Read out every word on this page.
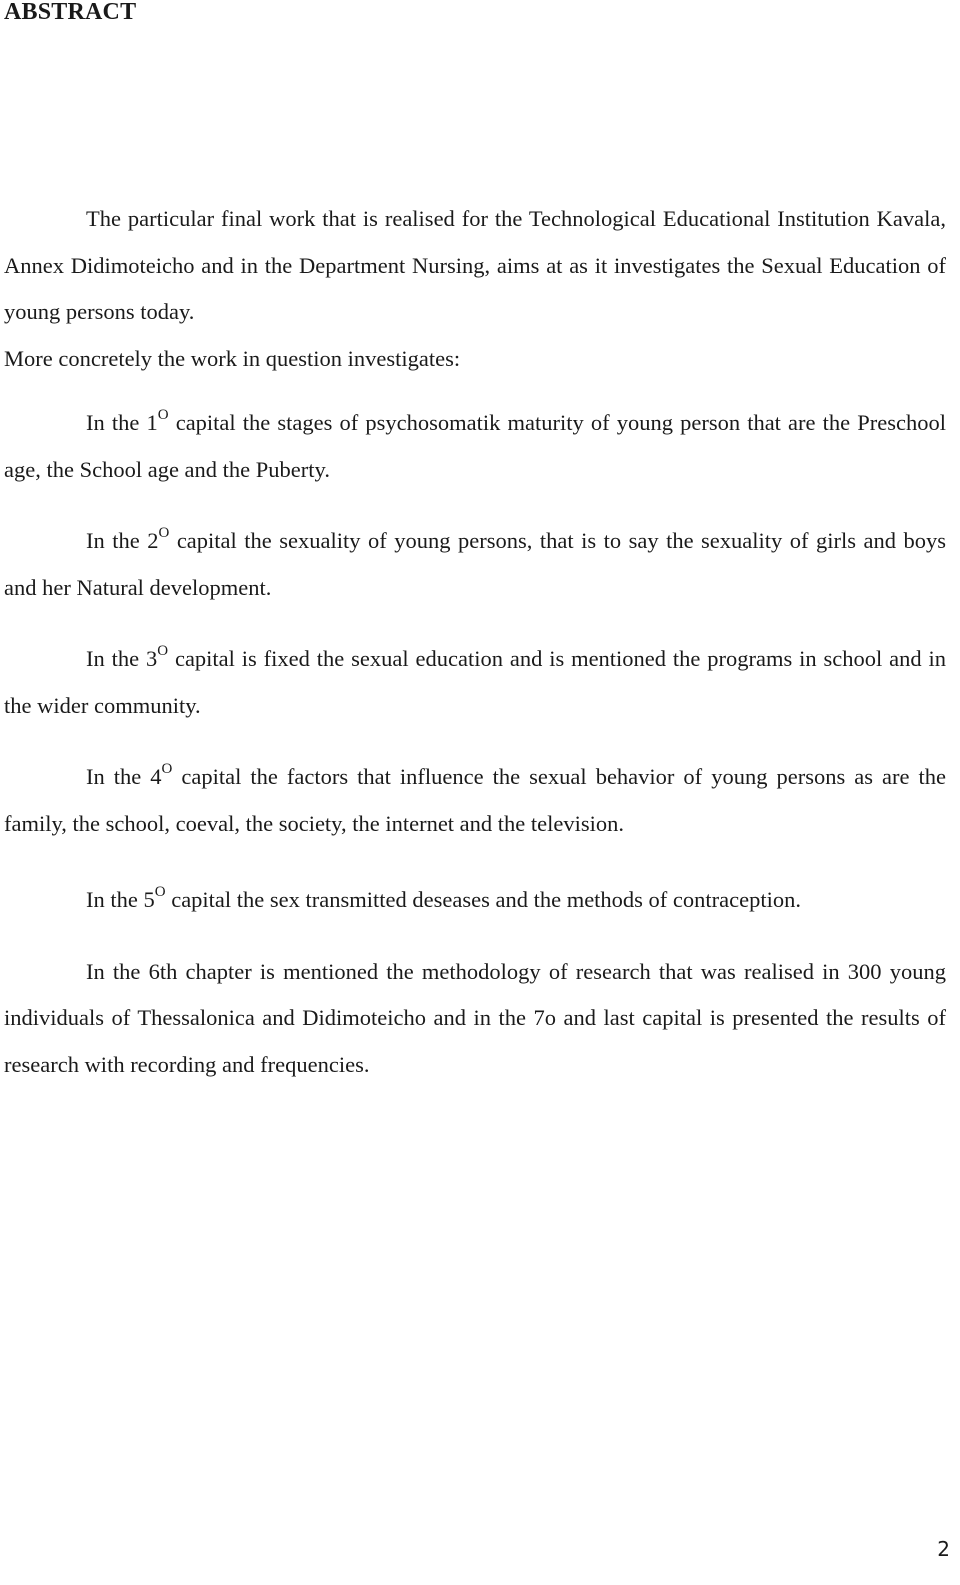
ABSTRACT

The particular final work that is realised for the Technological Educational Institution Kavala, Annex Didimoteicho and in the Department Nursing, aims at as it investigates the Sexual Education of young persons today.

More concretely the work in question investigates:

In the $1^O$ capital the stages of psychosomatik maturity of young person that are the Preschool age, the School age and the Puberty.

In the $2^O$ capital the sexuality of young persons, that is to say the sexuality of girls and boys and her Natural development.

In the $3^O$ capital is fixed the sexual education and is mentioned the programs in school and in the wider community.

In the $4^O$ capital the factors that influence the sexual behavior of young persons as are the family, the school, coeval, the society, the internet and the television.

In the $5^O$ capital the sex transmitted deseases and the methods of contraception.

In the 6th chapter is mentioned the methodology of research that was realised in 300 young individuals of Thessalonica and Didimoteicho and in the 7o and last capital is presented the results of research with recording and frequencies.

2
